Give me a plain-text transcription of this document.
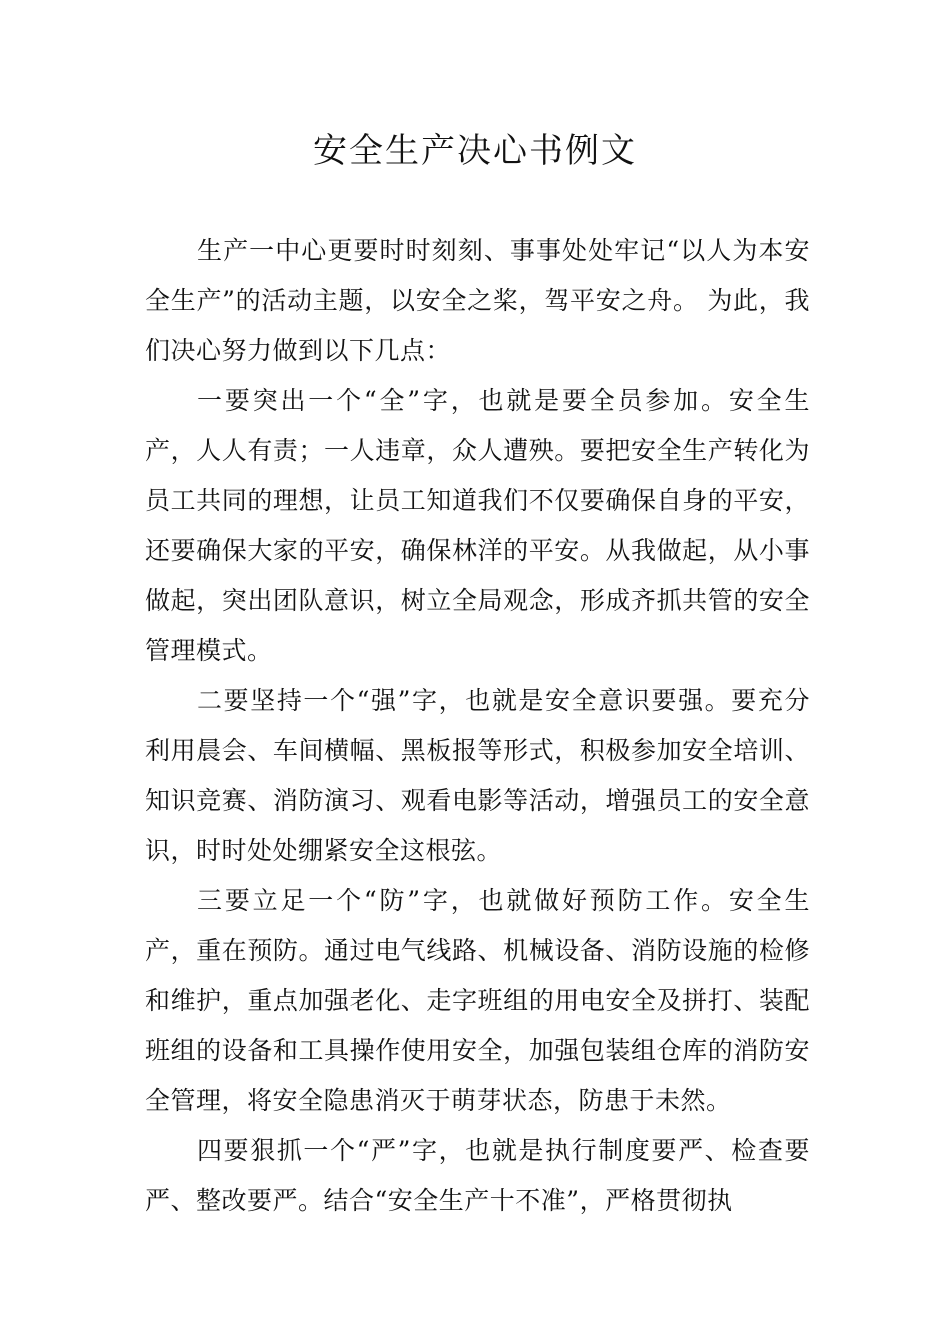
安全生产决心书例文

生产一中心更要时时刻刻、事事处处牢记“以人为本安全生产”的活动主题，以安全之桨，驾平安之舟。 为此，我们决心努力做到以下几点：

一要突出一个“全”字，也就是要全员参加。安全生产，人人有责；一人违章，众人遭殃。要把安全生产转化为员工共同的理想，让员工知道我们不仅要确保自身的平安，还要确保大家的平安，确保林洋的平安。从我做起，从小事做起，突出团队意识，树立全局观念，形成齐抓共管的安全管理模式。

二要坚持一个“强”字，也就是安全意识要强。要充分利用晨会、车间横幅、黑板报等形式，积极参加安全培训、知识竞赛、消防演习、观看电影等活动，增强员工的安全意识，时时处处绷紧安全这根弦。

三要立足一个“防”字，也就做好预防工作。安全生产，重在预防。通过电气线路、机械设备、消防设施的检修和维护，重点加强老化、走字班组的用电安全及拼打、装配班组的设备和工具操作使用安全，加强包装组仓库的消防安全管理，将安全隐患消灭于萌芽状态，防患于未然。

四要狠抓一个“严”字，也就是执行制度要严、检查要严、整改要严。结合“安全生产十不准”，严格贯彻执
